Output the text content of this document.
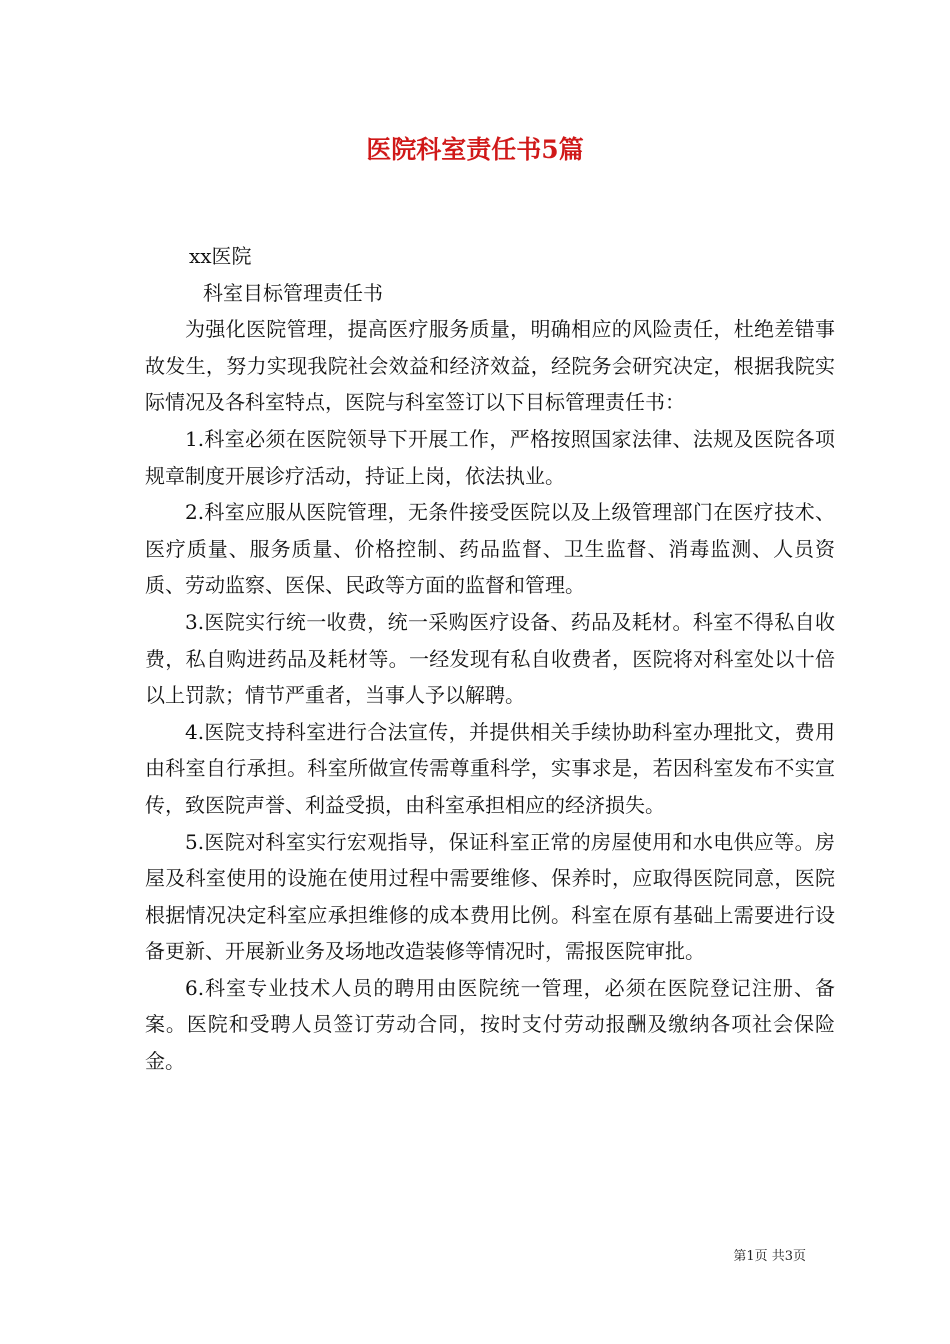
医院科室责任书5篇

xx医院

科室目标管理责任书

为强化医院管理，提高医疗服务质量，明确相应的风险责任，杜绝差错事故发生，努力实现我院社会效益和经济效益，经院务会研究决定，根据我院实际情况及各科室特点，医院与科室签订以下目标管理责任书：

1.科室必须在医院领导下开展工作，严格按照国家法律、法规及医院各项规章制度开展诊疗活动，持证上岗，依法执业。

2.科室应服从医院管理，无条件接受医院以及上级管理部门在医疗技术、医疗质量、服务质量、价格控制、药品监督、卫生监督、消毒监测、人员资质、劳动监察、医保、民政等方面的监督和管理。

3.医院实行统一收费，统一采购医疗设备、药品及耗材。科室不得私自收费，私自购进药品及耗材等。一经发现有私自收费者，医院将对科室处以十倍以上罚款；情节严重者，当事人予以解聘。

4.医院支持科室进行合法宣传，并提供相关手续协助科室办理批文，费用由科室自行承担。科室所做宣传需尊重科学，实事求是，若因科室发布不实宣传，致医院声誉、利益受损，由科室承担相应的经济损失。

5.医院对科室实行宏观指导，保证科室正常的房屋使用和水电供应等。房屋及科室使用的设施在使用过程中需要维修、保养时，应取得医院同意，医院根据情况决定科室应承担维修的成本费用比例。科室在原有基础上需要进行设备更新、开展新业务及场地改造装修等情况时，需报医院审批。

6.科室专业技术人员的聘用由医院统一管理，必须在医院登记注册、备案。医院和受聘人员签订劳动合同，按时支付劳动报酬及缴纳各项社会保险金。

第1页 共3页
